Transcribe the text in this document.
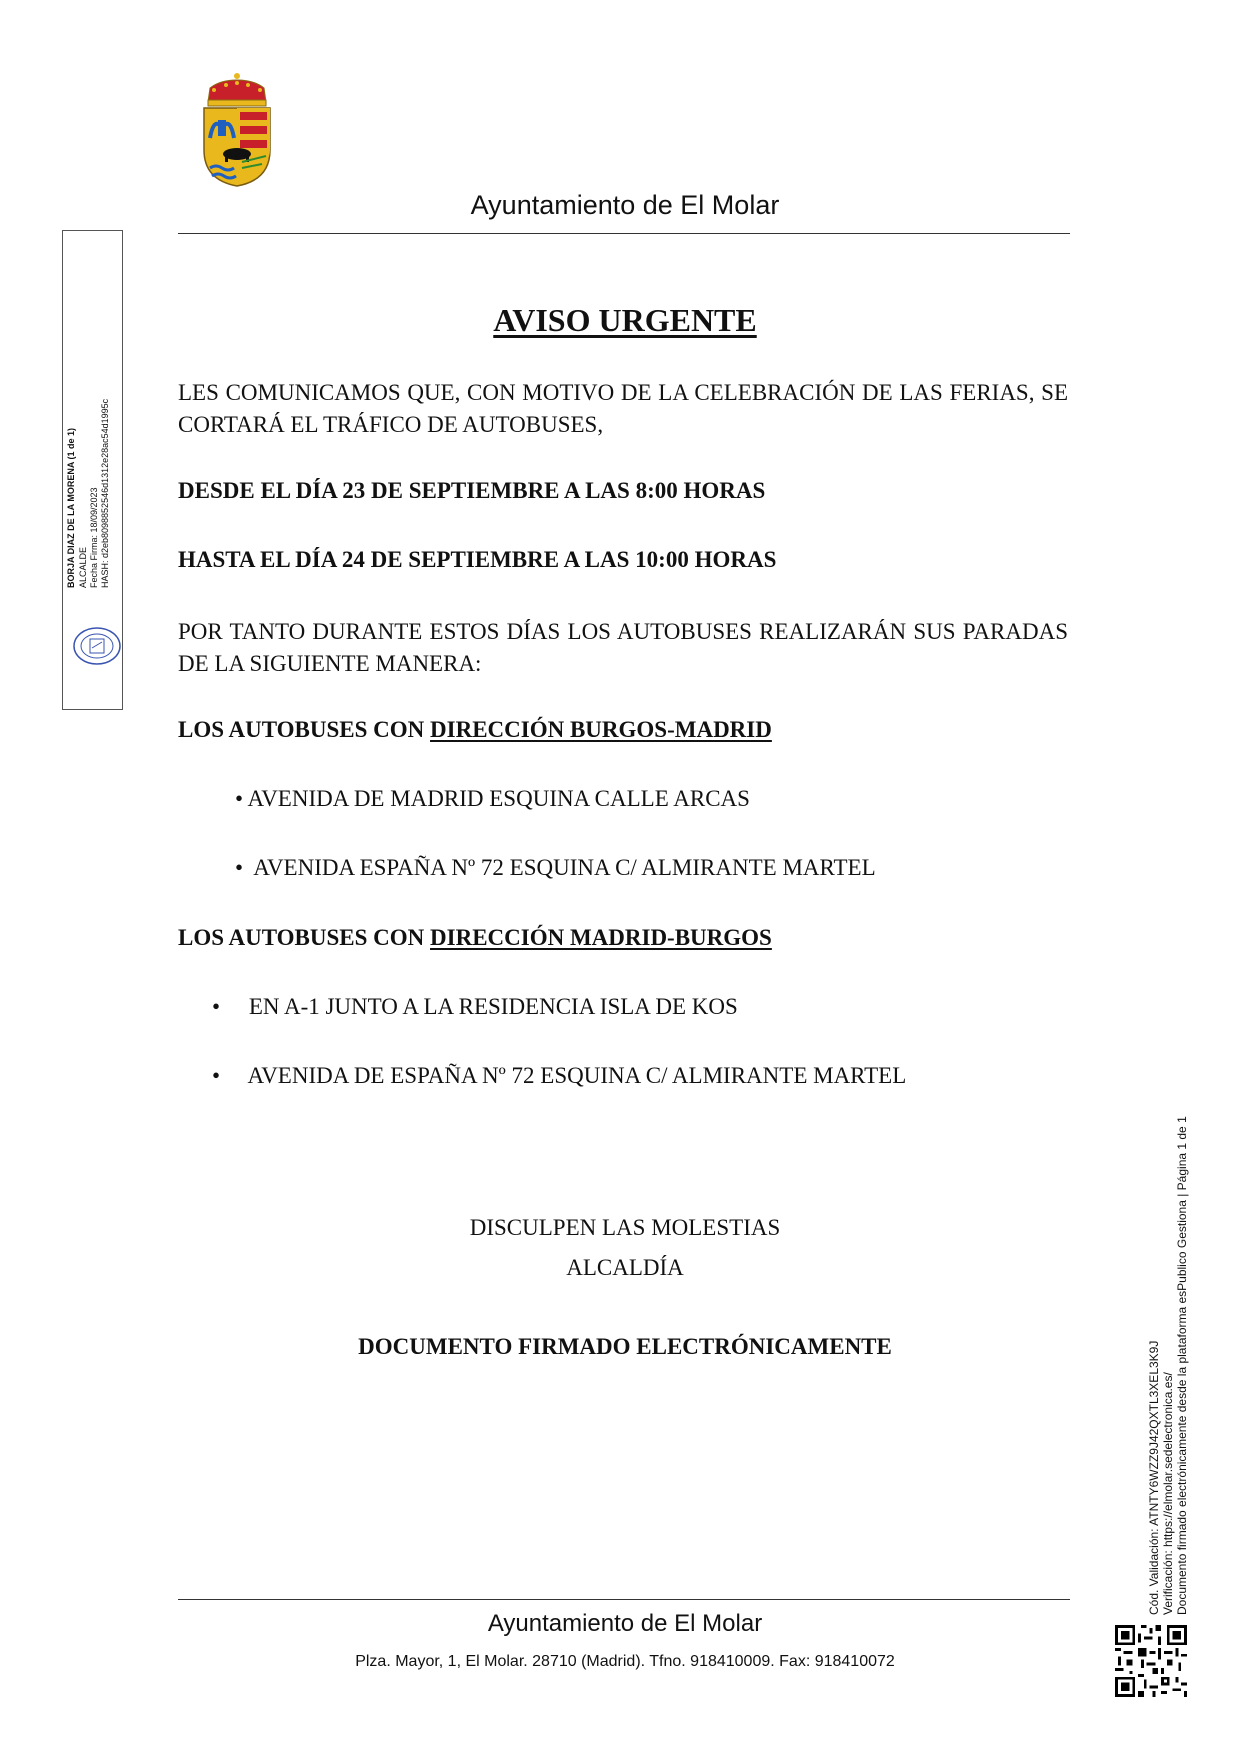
Ayuntamiento de El Molar
BORJA DIAZ DE LA MORENA (1 de 1) ALCALDE Fecha Firma: 18/09/2023 HASH: d2eb8098852546d1312e28ac54d1995c
AVISO URGENTE
LES COMUNICAMOS QUE, CON MOTIVO DE LA CELEBRACIÓN DE LAS FERIAS, SE CORTARÁ EL TRÁFICO DE AUTOBUSES,
DESDE EL DÍA 23 DE SEPTIEMBRE A LAS 8:00 HORAS
HASTA EL DÍA 24 DE SEPTIEMBRE A LAS 10:00 HORAS
POR TANTO DURANTE ESTOS DÍAS LOS AUTOBUSES REALIZARÁN SUS PARADAS DE LA SIGUIENTE MANERA:
LOS AUTOBUSES CON DIRECCIÓN BURGOS-MADRID
• AVENIDA DE MADRID ESQUINA CALLE ARCAS
• AVENIDA ESPAÑA Nº 72 ESQUINA C/ ALMIRANTE MARTEL
LOS AUTOBUSES CON DIRECCIÓN MADRID-BURGOS
• EN A-1 JUNTO A LA RESIDENCIA ISLA DE KOS
• AVENIDA DE ESPAÑA Nº 72 ESQUINA C/ ALMIRANTE MARTEL
DISCULPEN LAS MOLESTIAS
ALCALDÍA
DOCUMENTO FIRMADO ELECTRÓNICAMENTE
Ayuntamiento de El Molar
Plza. Mayor, 1, El Molar. 28710 (Madrid). Tfno. 918410009. Fax: 918410072
Cód. Validación: ATNTY6WZZ9J42QXTL3XEL3K9J Verificación: https://elmolar.sedelectronica.es/ Documento firmado electrónicamente desde la plataforma esPublico Gestiona | Página 1 de 1
